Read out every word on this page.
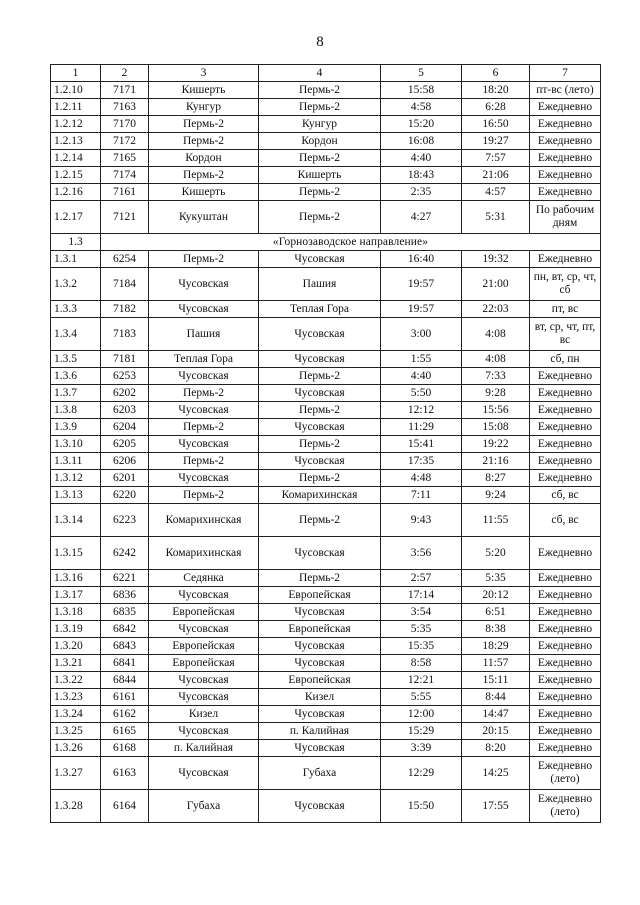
8
1	2	3	4	5	6	7
1.2.10	7171	Кишерть	Пермь-2	15:58	18:20	пт-вс (лето)
1.2.11	7163	Кунгур	Пермь-2	4:58	6:28	Ежедневно
1.2.12	7170	Пермь-2	Кунгур	15:20	16:50	Ежедневно
1.2.13	7172	Пермь-2	Кордон	16:08	19:27	Ежедневно
1.2.14	7165	Кордон	Пермь-2	4:40	7:57	Ежедневно
1.2.15	7174	Пермь-2	Кишерть	18:43	21:06	Ежедневно
1.2.16	7161	Кишерть	Пермь-2	2:35	4:57	Ежедневно
1.2.17	7121	Кукуштан	Пермь-2	4:27	5:31	По рабочим дням
1.3	«Горнозаводское направление»					
1.3.1	6254	Пермь-2	Чусовская	16:40	19:32	Ежедневно
1.3.2	7184	Чусовская	Пашия	19:57	21:00	пн, вт, ср, чт, сб
1.3.3	7182	Чусовская	Теплая Гора	19:57	22:03	пт, вс
1.3.4	7183	Пашия	Чусовская	3:00	4:08	вт, ср, чт, пт, вс
1.3.5	7181	Теплая Гора	Чусовская	1:55	4:08	сб, пн
1.3.6	6253	Чусовская	Пермь-2	4:40	7:33	Ежедневно
1.3.7	6202	Пермь-2	Чусовская	5:50	9:28	Ежедневно
1.3.8	6203	Чусовская	Пермь-2	12:12	15:56	Ежедневно
1.3.9	6204	Пермь-2	Чусовская	11:29	15:08	Ежедневно
1.3.10	6205	Чусовская	Пермь-2	15:41	19:22	Ежедневно
1.3.11	6206	Пермь-2	Чусовская	17:35	21:16	Ежедневно
1.3.12	6201	Чусовская	Пермь-2	4:48	8:27	Ежедневно
1.3.13	6220	Пермь-2	Комарихинская	7:11	9:24	сб, вс
1.3.14	6223	Комарихинская	Пермь-2	9:43	11:55	сб, вс
1.3.15	6242	Комарихинская	Чусовская	3:56	5:20	Ежедневно
1.3.16	6221	Седянка	Пермь-2	2:57	5:35	Ежедневно
1.3.17	6836	Чусовская	Европейская	17:14	20:12	Ежедневно
1.3.18	6835	Европейская	Чусовская	3:54	6:51	Ежедневно
1.3.19	6842	Чусовская	Европейская	5:35	8:38	Ежедневно
1.3.20	6843	Европейская	Чусовская	15:35	18:29	Ежедневно
1.3.21	6841	Европейская	Чусовская	8:58	11:57	Ежедневно
1.3.22	6844	Чусовская	Европейская	12:21	15:11	Ежедневно
1.3.23	6161	Чусовская	Кизел	5:55	8:44	Ежедневно
1.3.24	6162	Кизел	Чусовская	12:00	14:47	Ежедневно
1.3.25	6165	Чусовская	п. Калийная	15:29	20:15	Ежедневно
1.3.26	6168	п. Калийная	Чусовская	3:39	8:20	Ежедневно
1.3.27	6163	Чусовская	Губаха	12:29	14:25	Ежедневно (лето)
1.3.28	6164	Губаха	Чусовская	15:50	17:55	Ежедневно (лето)
